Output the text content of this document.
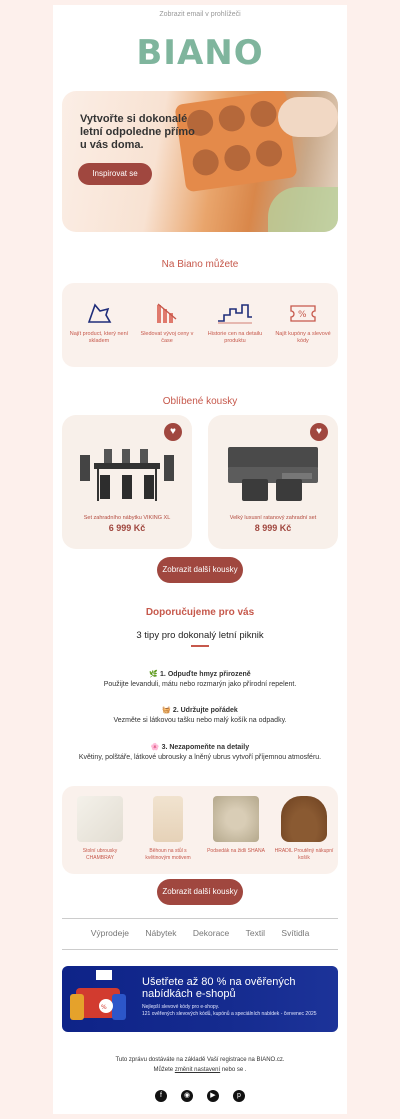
Zobrazit email v prohlížeči
BIANO
Vytvořte si dokonalé letní odpoledne přímo u vás doma.
Inspirovat se
Na Biano můžete
Najít product, který není skladem
Sledovat vývoj ceny v čase
Historie cen na detailu produktu
%
Najít kupóny a slevové kódy
Oblíbené kousky
♥
Set zahradního nábytku VIKING XL
6 999 Kč
♥
Velký luxusní ratanový zahradní set
8 999 Kč
Zobrazit další kousky
Doporučujeme pro vás
3 tipy pro dokonalý letní piknik
🌿 1. Odpuďte hmyz přirozeně
Použijte levanduli, mátu nebo rozmarýn jako přírodní repelent.
🧺 2. Udržujte pořádek
Vezměte si látkovou tašku nebo malý košík na odpadky.
🌸 3. Nezapomeňte na detaily
Květiny, polštáře, látkové ubrousky a lněný ubrus vytvoří příjemnou atmosféru.
Stolní ubrousky CHAMBRAY
Běhoun na stůl s květinovým motivem
Podsedák na židli SHANA HRADIL Proutěný nákupní košík
Zobrazit další kousky
Výprodeje Nábytek Dekorace Textil Svítidla
%
Ušetřete až 80 % na ověřených nabídkách e-shopů
Nejlepší slevové kódy pro e-shopy.
121 ověřených slevových kódů, kupónů a speciálních nabídek - červenec 2025
Tuto zprávu dostáváte na základě Vaší registrace na BIANO.cz.
Můžete změnit nastavení nebo se .
f	◉	▶	p
